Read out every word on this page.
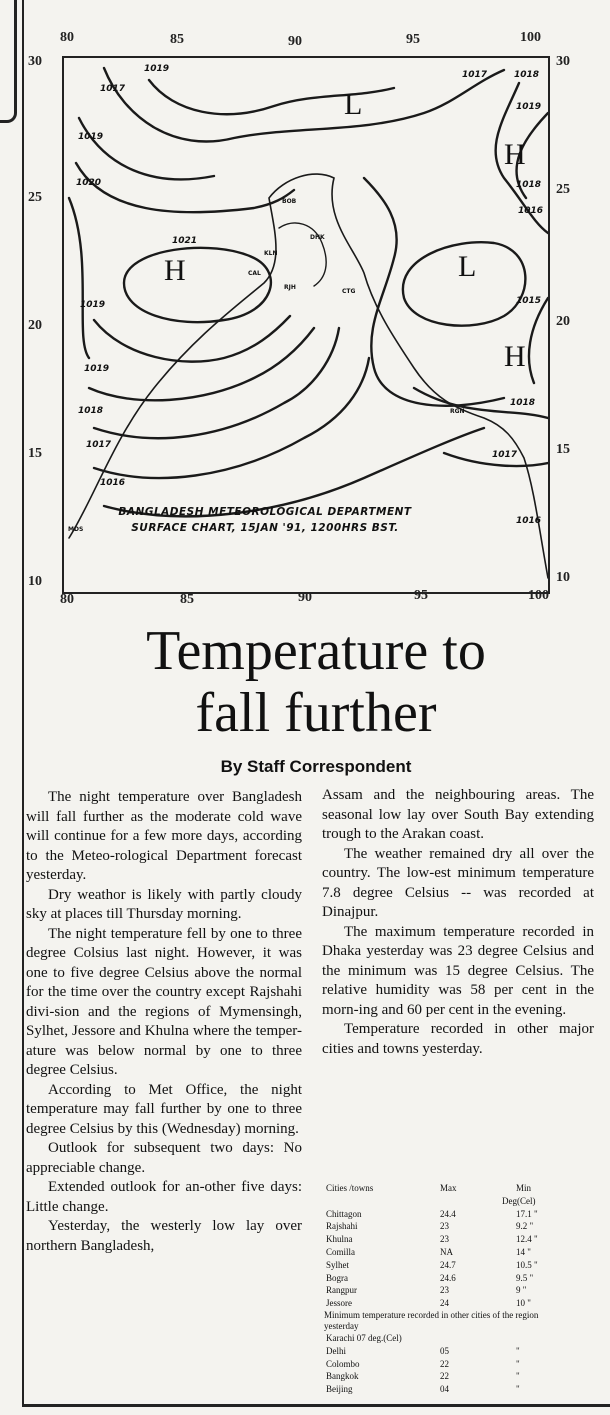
80	85	90	95	100
80	85	90	95	100
30
25
20
15
10
30
25
20
15
10
1019
1017
1019
1020
1021
1019
1019
1018
1017
1016
1017	1018
1019
1018
1016
1015
1018
1017
1016
L
H
H	L
H
MDS
CAL
RJH
KLN
DHK
CTG
BOB
RGN
BANGLADESH METEOROLOGICAL DEPARTMENT
SURFACE CHART, 15JAN '91, 1200HRS BST.
Temperature to
fall further
By Staff Correspondent

The night temperature over Bangladesh will fall further as the moderate cold wave will continue for a few more days, according to the Meteo-rological Department forecast yesterday.

Dry weathor is likely with partly cloudy sky at places till Thursday morning.

The night temperature fell by one to three degree Colsius last night. However, it was one to five degree Celsius above the normal for the time over the country except Rajshahi divi-sion and the regions of Mymensingh, Sylhet, Jessore and Khulna where the temper-ature was below normal by one to three degree Celsius.

According to Met Office, the night temperature may fall further by one to three degree Celsius by this (Wednesday) morning.

Outlook for subsequent two days: No appreciable change.

Extended outlook for an-other five days: Little change.

Yesterday, the westerly low lay over northern Bangladesh,

Assam and the neighbouring areas. The seasonal low lay over South Bay extending trough to the Arakan coast.

The weather remained dry all over the country. The low-est minimum temperature 7.8 degree Celsius -- was recorded at Dinajpur.

The maximum temperature recorded in Dhaka yesterday was 23 degree Celsius and the minimum was 15 degree Celsius. The relative humidity was 58 per cent in the morn-ing and 60 per cent in the evening.

Temperature recorded in other major cities and towns yesterday.

Cities /towns	Max	Min
Deg(Cel)
Chittagon	24.4	17.1 "
Rajshahi	23	9.2 "
Khulna	23	12.4 "
Comilla	NA	14 "
Sylhet	24.7	10.5 "
Bogra	24.6	9.5 "
Rangpur	23	9 "
Jessore	24	10 "
Minimum temperature recorded in other cities of the region yesterday
Karachi 07 deg.(Cel)
Delhi	05	"
Colombo	22	"
Bangkok	22	"
Beijing	04	"
